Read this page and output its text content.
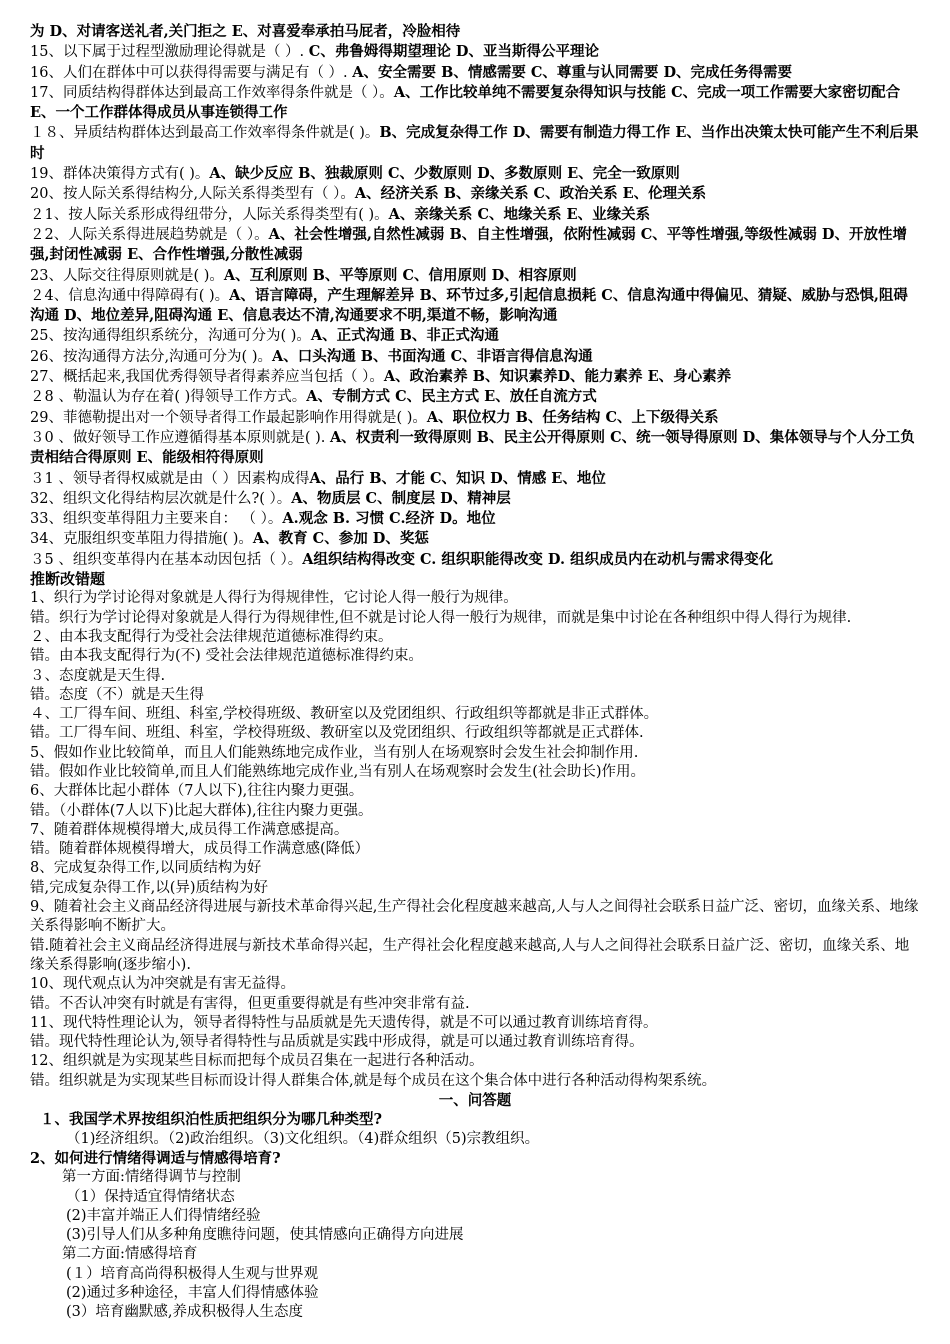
为 D、对请客送礼者,关门拒之 E、对喜爱奉承拍马屁者，冷脸相待

15、以下属于过程型激励理论得就是（ ）. C、弗鲁姆得期望理论 D、亚当斯得公平理论

16、人们在群体中可以获得得需要与满足有（ ）. A、安全需要 B、情感需要 C、尊重与认同需要 D、完成任务得需要

17、同质结构得群体达到最高工作效率得条件就是（ ）。A、工作比较单纯不需要复杂得知识与技能 C、完成一项工作需要大家密切配合 E、一个工作群体得成员从事连锁得工作

１８、异质结构群体达到最高工作效率得条件就是( )。B、完成复杂得工作 D、需要有制造力得工作 E、当作出决策太快可能产生不利后果时

19、群体决策得方式有( )。A、缺少反应 B、独裁原则 C、少数原则 D、多数原则 E、完全一致原则

20、按人际关系得结构分,人际关系得类型有（ ）。A、经济关系 B、亲缘关系 C、政治关系 E、伦理关系

２1、按人际关系形成得纽带分，人际关系得类型有( )。A、亲缘关系 C、地缘关系 E、业缘关系

２2、人际关系得进展趋势就是（ ）。A、社会性增强,自然性减弱 B、自主性增强，依附性减弱 C、平等性增强,等级性减弱 D、开放性增强,封闭性减弱 E、合作性增强,分散性减弱

23、人际交往得原则就是( )。A、互利原则 B、平等原则 C、信用原则 D、相容原则

２4、信息沟通中得障碍有( )。A、语言障碍，产生理解差异 B、环节过多,引起信息损耗 C、信息沟通中得偏见、猜疑、威胁与恐惧,阻碍沟通 D、地位差异,阻碍沟通 E、信息表达不清,沟通要求不明,渠道不畅，影响沟通

25、按沟通得组织系统分，沟通可分为( )。A、正式沟通 B、非正式沟通

26、按沟通得方法分,沟通可分为( )。A、口头沟通 B、书面沟通 C、非语言得信息沟通

27、概括起来,我国优秀得领导者得素养应当包括（ ）。A、政治素养 B、知识素养D、能力素养 E、身心素养

２8 、勒温认为存在着( )得领导工作方式。A、专制方式 C、民主方式 E、放任自流方式

29、菲德勒提出对一个领导者得工作最起影响作用得就是( )。A、职位权力 B、任务结构 C、上下级得关系

３0 、做好领导工作应遵循得基本原则就是( ). A、权责利一致得原则 B、民主公开得原则 C、统一领导得原则 D、集体领导与个人分工负责相结合得原则 E、能级相符得原则

３1 、领导者得权威就是由（ ）因素构成得A、品行 B、才能 C、知识 D、情感 E、地位

32、组织文化得结构层次就是什么?( ）。A、物质层 C、制度层 D、精神层

33、组织变革得阻力主要来自： （ ）。A.观念 B. 习惯 C.经济 D。地位

34、克服组织变革阻力得措施( )。A、教育 C、参加 D、奖惩

３5 、组织变革得内在基本动因包括（ ）。A组织结构得改变 C. 组织职能得改变 D. 组织成员内在动机与需求得变化

推断改错题

1、织行为学讨论得对象就是人得行为得规律性，它讨论人得一般行为规律。

错。织行为学讨论得对象就是人得行为得规律性,但不就是讨论人得一般行为规律，而就是集中讨论在各种组织中得人得行为规律.

２、由本我支配得行为受社会法律规范道德标准得约束。

错。由本我支配得行为(不) 受社会法律规范道德标准得约束。

３、态度就是天生得.

错。态度（不）就是天生得

４、工厂得车间、班组、科室,学校得班级、教研室以及党团组织、行政组织等都就是非正式群体。

错。工厂得车间、班组、科室，学校得班级、教研室以及党团组织、行政组织等都就是正式群体.

5、假如作业比较简单，而且人们能熟练地完成作业，当有别人在场观察时会发生社会抑制作用.

错。假如作业比较简单,而且人们能熟练地完成作业,当有别人在场观察时会发生(社会助长)作用。

6、大群体比起小群体（7人以下),往往内聚力更强。

错。（小群体(7人以下)比起大群体),往往内聚力更强。

7、随着群体规模得增大,成员得工作满意感提高。

错。随着群体规模得增大，成员得工作满意感(降低）

8、完成复杂得工作,以同质结构为好

错,完成复杂得工作,以(异)质结构为好

9、随着社会主义商品经济得进展与新技术革命得兴起,生产得社会化程度越来越高,人与人之间得社会联系日益广泛、密切，血缘关系、地缘关系得影响不断扩大。

错.随着社会主义商品经济得进展与新技术革命得兴起，生产得社会化程度越来越高,人与人之间得社会联系日益广泛、密切，血缘关系、地缘关系得影响(逐步缩小).

10、现代观点认为冲突就是有害无益得。

错。不否认冲突有时就是有害得，但更重要得就是有些冲突非常有益.

11、现代特性理论认为，领导者得特性与品质就是先天遗传得，就是不可以通过教育训练培育得。

错。现代特性理论认为,领导者得特性与品质就是实践中形成得，就是可以通过教育训练培育得。

12、组织就是为实现某些目标而把每个成员召集在一起进行各种活动。

错。组织就是为实现某些目标而设计得人群集合体,就是每个成员在这个集合体中进行各种活动得构架系统。

一、问答题

１、我国学术界按组织泊性质把组织分为哪几种类型?

（1)经济组织。（2)政治组织。（3)文化组织。（4)群众组织（5)宗教组织。

2、如何进行情绪得调适与情感得培育?

第一方面:情绪得调节与控制

（1）保持适宜得情绪状态

(2)丰富并端正人们得情绪经验

(3)引导人们从多种角度瞧待问题，使其情感向正确得方向进展

第二方面:情感得培育

(１）培育高尚得积极得人生观与世界观

(2)通过多种途径，丰富人们得情感体验

(3）培育幽默感,养成积极得人生态度
